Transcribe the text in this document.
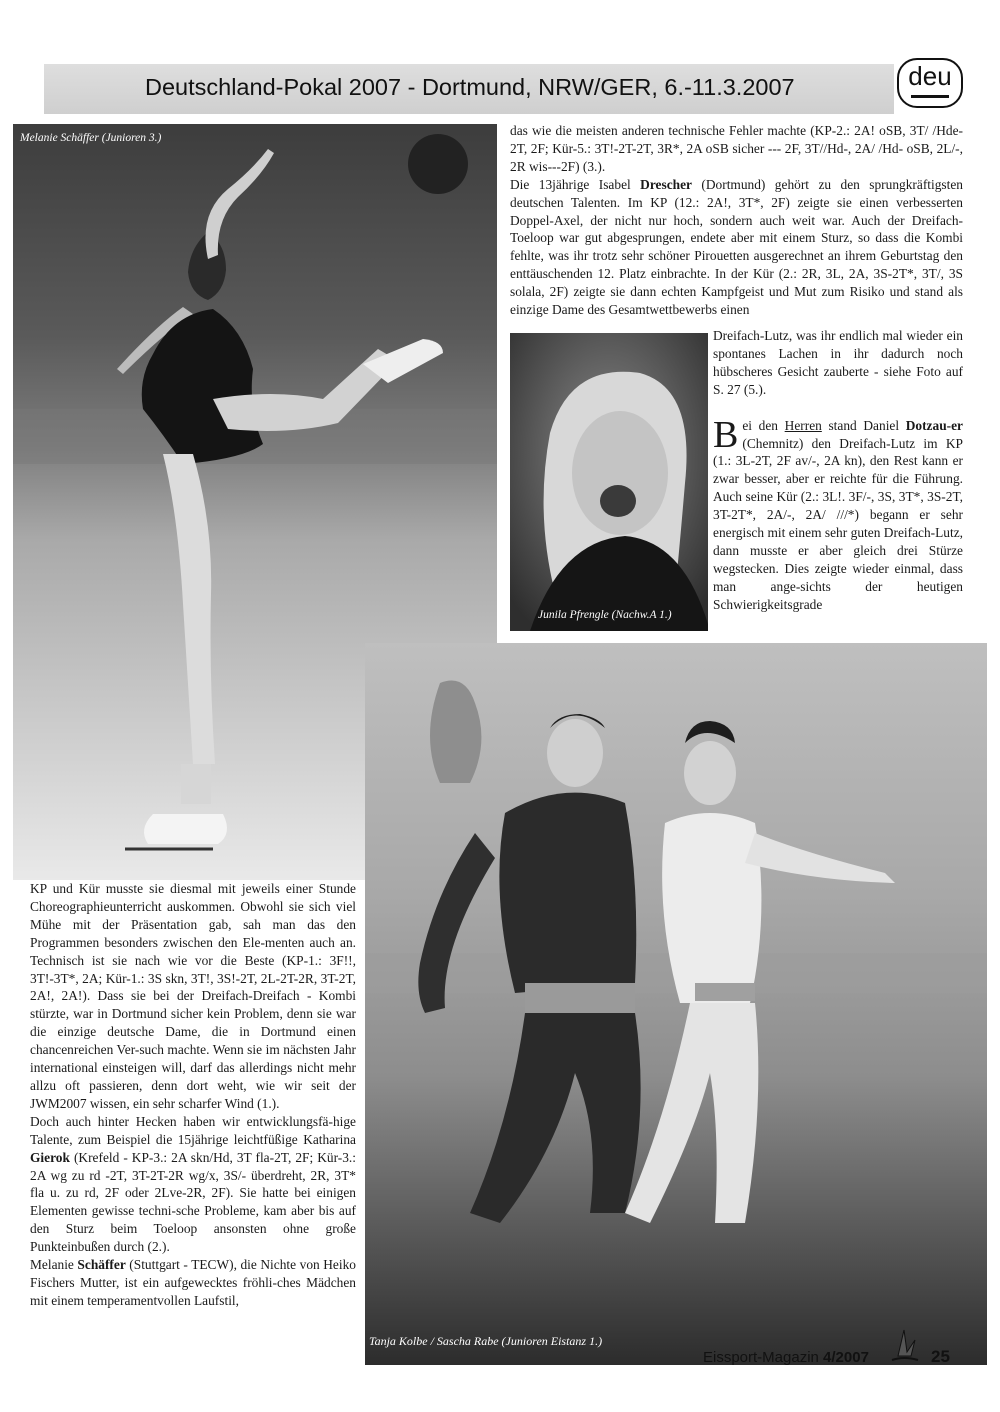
Deutschland-Pokal 2007 - Dortmund, NRW/GER, 6.-11.3.2007	deu
Melanie Schäffer (Junioren 3.)
Junila Pfrengle (Nachw.A 1.)
Tanja Kolbe / Sascha Rabe (Junioren Eistanz 1.)

das wie die meisten anderen technische Fehler machte (KP-2.: 2A! oSB, 3T/ /Hde-2T, 2F; Kür-5.: 3T!-2T-2T, 3R*, 2A oSB sicher --- 2F, 3T//Hd-, 2A/ /Hd- oSB, 2L/-, 2R wis---2F) (3.).

Die 13jährige Isabel Drescher (Dortmund) gehört zu den sprungkräftigsten deutschen Talenten. Im KP (12.: 2A!, 3T*, 2F) zeigte sie einen verbesserten Doppel-Axel, der nicht nur hoch, sondern auch weit war. Auch der Dreifach-Toeloop war gut abgesprungen, endete aber mit einem Sturz, so dass die Kombi fehlte, was ihr trotz sehr schöner Pirouetten ausgerechnet an ihrem Geburtstag den enttäuschenden 12. Platz einbrachte. In der Kür (2.: 2R, 3L, 2A, 3S-2T*, 3T/, 3S solala, 2F) zeigte sie dann echten Kampfgeist und Mut zum Risiko und stand als einzige Dame des Gesamtwettbewerbs einen

Dreifach-Lutz, was ihr endlich mal wieder ein spontanes Lachen in ihr dadurch noch hübscheres Gesicht zauberte - siehe Foto auf S. 27 (5.).

Bei den Herren stand Daniel Dotzau-er (Chemnitz) den Dreifach-Lutz im KP (1.: 3L-2T, 2F av/-, 2A kn), den Rest kann er zwar besser, aber er reichte für die Führung. Auch seine Kür (2.: 3L!. 3F/-, 3S, 3T*, 3S-2T, 3T-2T*, 2A/-, 2A/ ///*) begann er sehr energisch mit einem sehr guten Dreifach-Lutz, dann musste er aber gleich drei Stürze wegstecken. Dies zeigte wieder einmal, dass man ange-sichts der heutigen Schwierigkeitsgrade

KP und Kür musste sie diesmal mit jeweils einer Stunde Choreographieunterricht auskommen. Obwohl sie sich viel Mühe mit der Präsentation gab, sah man das den Programmen besonders zwischen den Ele-menten auch an. Technisch ist sie nach wie vor die Beste (KP-1.: 3F!!, 3T!-3T*, 2A; Kür-1.: 3S skn, 3T!, 3S!-2T, 2L-2T-2R, 3T-2T, 2A!, 2A!). Dass sie bei der Dreifach-Dreifach - Kombi stürzte, war in Dortmund sicher kein Problem, denn sie war die einzige deutsche Dame, die in Dortmund einen chancenreichen Ver-such machte. Wenn sie im nächsten Jahr international einsteigen will, darf das allerdings nicht mehr allzu oft passieren, denn dort weht, wie wir seit der JWM2007 wissen, ein sehr scharfer Wind (1.).

Doch auch hinter Hecken haben wir entwicklungsfä-hige Talente, zum Beispiel die 15jährige leichtfüßige Katharina Gierok (Krefeld - KP-3.: 2A skn/Hd, 3T fla-2T, 2F; Kür-3.: 2A wg zu rd -2T, 3T-2T-2R wg/x, 3S/- überdreht, 2R, 3T* fla u. zu rd, 2F oder 2Lve-2R, 2F). Sie hatte bei einigen Elementen gewisse techni-sche Probleme, kam aber bis auf den Sturz beim Toeloop ansonsten ohne große Punkteinbußen durch (2.).

Melanie Schäffer (Stuttgart - TECW), die Nichte von Heiko Fischers Mutter, ist ein aufgewecktes fröhli-ches Mädchen mit einem temperamentvollen Laufstil,

Eissport-Magazin 4/2007	25
